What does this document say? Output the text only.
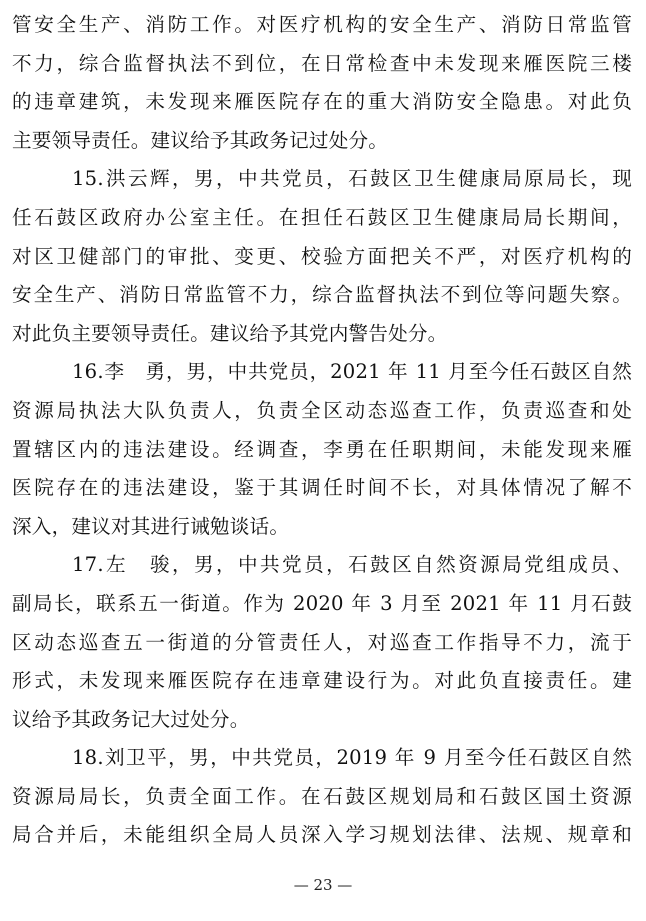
管安全生产、消防工作。对医疗机构的安全生产、消防日常监管
不力，综合监督执法不到位，在日常检查中未发现来雁医院三楼
的违章建筑，未发现来雁医院存在的重大消防安全隐患。对此负
主要领导责任。建议给予其政务记过处分。
15.洪云辉，男，中共党员，石鼓区卫生健康局原局长，现
任石鼓区政府办公室主任。在担任石鼓区卫生健康局局长期间，
对区卫健部门的审批、变更、校验方面把关不严，对医疗机构的
安全生产、消防日常监管不力，综合监督执法不到位等问题失察。
对此负主要领导责任。建议给予其党内警告处分。
16.李　勇，男，中共党员，2021 年 11 月至今任石鼓区自然
资源局执法大队负责人，负责全区动态巡查工作，负责巡查和处
置辖区内的违法建设。经调查，李勇在任职期间，未能发现来雁
医院存在的违法建设，鉴于其调任时间不长，对具体情况了解不
深入，建议对其进行诫勉谈话。
17.左　骏，男，中共党员，石鼓区自然资源局党组成员、
副局长，联系五一街道。作为 2020 年 3 月至 2021 年 11 月石鼓
区动态巡查五一街道的分管责任人，对巡查工作指导不力，流于
形式，未发现来雁医院存在违章建设行为。对此负直接责任。建
议给予其政务记大过处分。
18.刘卫平，男，中共党员，2019 年 9 月至今任石鼓区自然
资源局局长，负责全面工作。在石鼓区规划局和石鼓区国土资源
局合并后，未能组织全局人员深入学习规划法律、法规、规章和
— 23 —
